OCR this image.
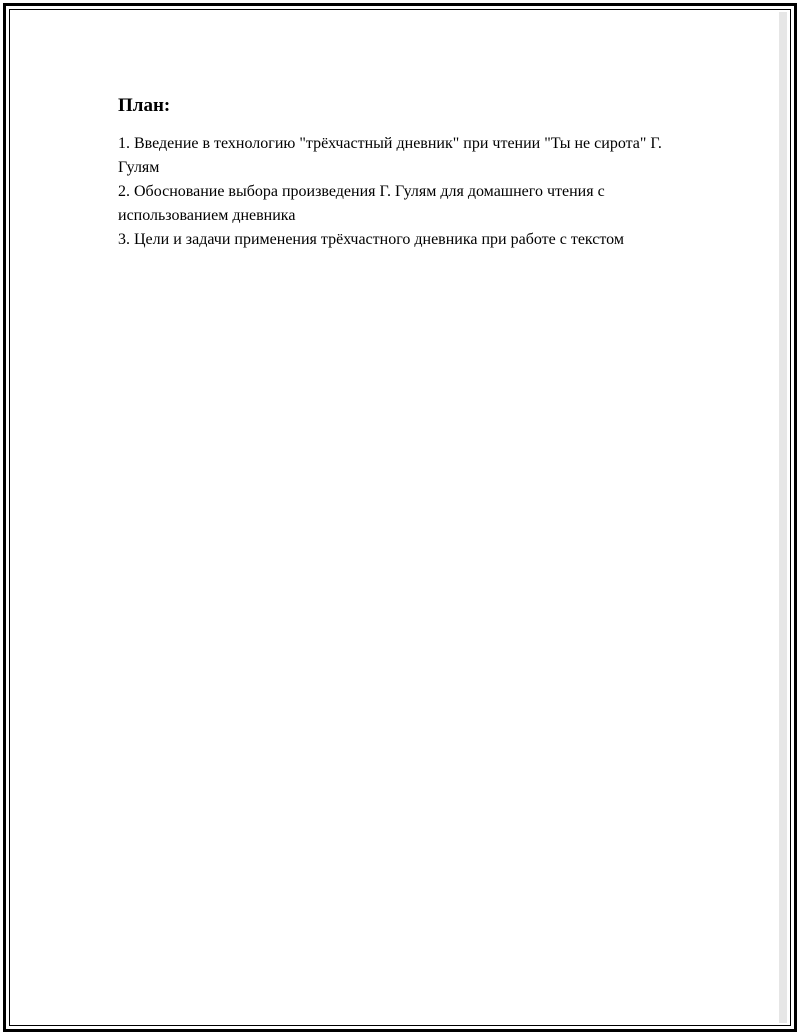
План:
1. Введение в технологию "трёхчастный дневник" при чтении "Ты не сирота" Г. Гулям
2. Обоснование выбора произведения Г. Гулям для домашнего чтения с использованием дневника
3. Цели и задачи применения трёхчастного дневника при работе с текстом
